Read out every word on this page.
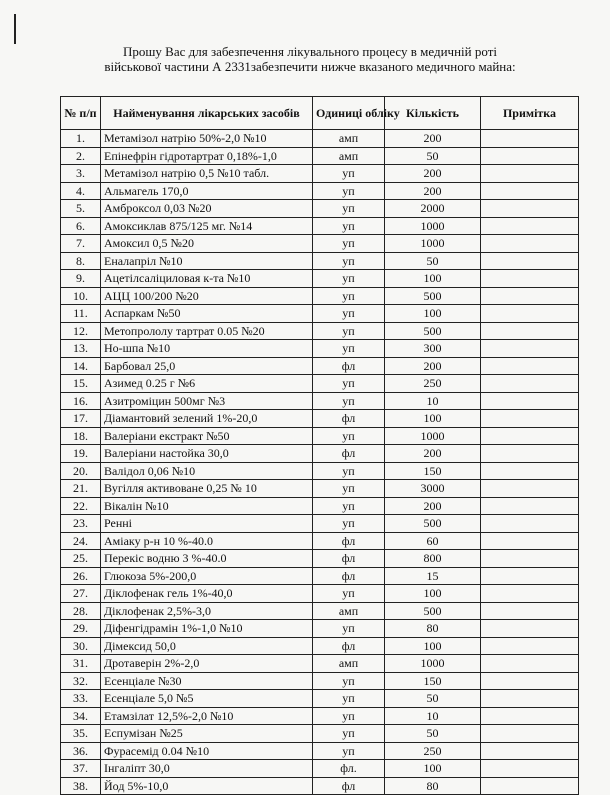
Прошу Вас для забезпечення лікувального процесу в медичній роті
військової частини А 2331забезпечити нижче вказаного медичного майна:
№ п/п	Найменування лікарських засобів	Одиниці обліку	Кількість	Примітка
1.	Метамізол натрію 50%-2,0 №10	амп	200	
2.	Епінефрін гідротартрат 0,18%-1,0	амп	50	
3.	Метамізол натрію 0,5 №10 табл.	уп	200	
4.	Альмагель 170,0	уп	200	
5.	Амброксол 0,03 №20	уп	2000	
6.	Амоксиклав 875/125 мг. №14	уп	1000	
7.	Амоксил 0,5 №20	уп	1000	
8.	Еналапріл №10	уп	50	
9.	Ацетілсаліциловая к-та №10	уп	100	
10.	АЦЦ 100/200 №20	уп	500	
11.	Аспаркам №50	уп	100	
12.	Метопрололу тартрат 0.05 №20	уп	500	
13.	Но-шпа №10	уп	300	
14.	Барбовал 25,0	фл	200	
15.	Азимед 0.25 г №6	уп	250	
16.	Азитроміцин 500мг №3	уп	10	
17.	Діамантовий зелений 1%-20,0	фл	100	
18.	Валеріани екстракт №50	уп	1000	
19.	Валеріани настойка 30,0	фл	200	
20.	Валідол 0,06 №10	уп	150	
21.	Вугілля активоване 0,25 № 10	уп	3000	
22.	Вікалін №10	уп	200	
23.	Ренні	уп	500	
24.	Аміаку р-н 10 %-40.0	фл	60	
25.	Перекіс водню 3 %-40.0	фл	800	
26.	Глюкоза 5%-200,0	фл	15	
27.	Діклофенак гель 1%-40,0	уп	100	
28.	Діклофенак 2,5%-3,0	амп	500	
29.	Діфенгідрамін 1%-1,0 №10	уп	80	
30.	Дімексид 50,0	фл	100	
31.	Дротаверін 2%-2,0	амп	1000	
32.	Есенціале №30	уп	150	
33.	Есенціале 5,0 №5	уп	50	
34.	Етамзілат 12,5%-2,0 №10	уп	10	
35.	Еспумізан №25	уп	50	
36.	Фурасемід 0.04 №10	уп	250	
37.	Інгаліпт 30,0	фл.	100	
38.	Йод 5%-10,0	фл	80	
